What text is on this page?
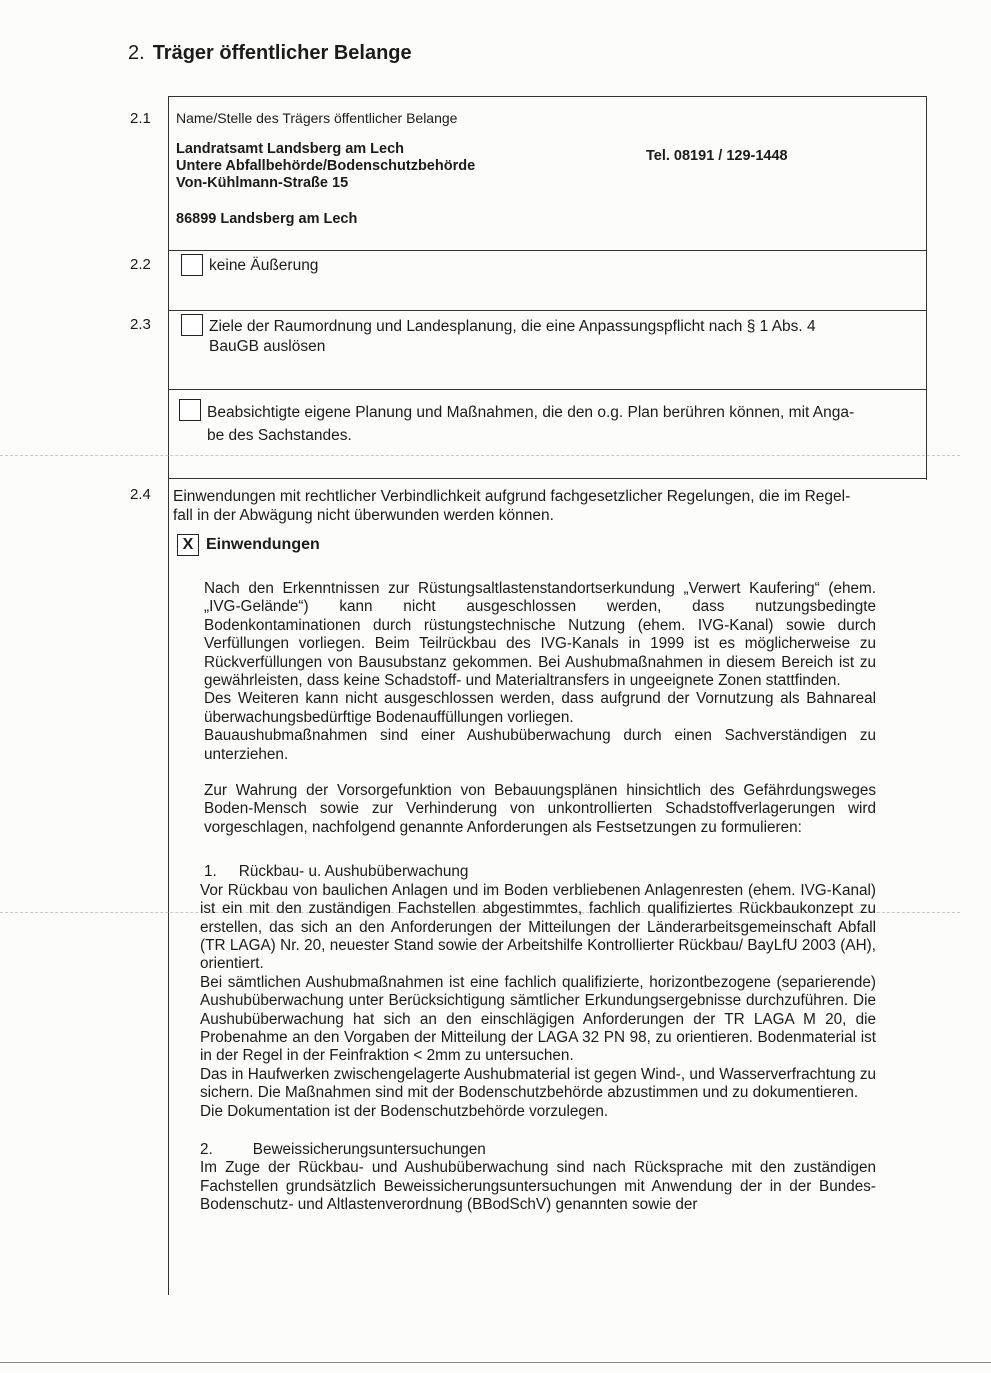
2. Träger öffentlicher Belange
2.1
2.2
2.3
2.4
Name/Stelle des Trägers öffentlicher Belange
Landratsamt Landsberg am Lech
Untere Abfallbehörde/Bodenschutzbehörde
Von-Kühlmann-Straße 15
86899 Landsberg am Lech
Tel. 08191 / 129-1448
keine Äußerung
Ziele der Raumordnung und Landesplanung, die eine Anpassungspflicht nach § 1 Abs. 4
BauGB auslösen
Beabsichtigte eigene Planung und Maßnahmen, die den o.g. Plan berühren können, mit Anga-
be des Sachstandes.
Einwendungen mit rechtlicher Verbindlichkeit aufgrund fachgesetzlicher Regelungen, die im Regel-
fall in der Abwägung nicht überwunden werden können.
X Einwendungen

Nach den Erkenntnissen zur Rüstungsaltlastenstandortserkundung „Verwert Kaufering“ (ehem. „IVG-Gelände“) kann nicht ausgeschlossen werden, dass nutzungsbedingte Bodenkontaminationen durch rüstungstechnische Nutzung (ehem. IVG-Kanal) sowie durch Verfüllungen vorliegen. Beim Teilrückbau des IVG-Kanals in 1999 ist es möglicherweise zu Rückverfüllungen von Bausubstanz gekommen. Bei Aushubmaßnahmen in diesem Bereich ist zu gewährleisten, dass keine Schadstoff- und Materialtransfers in ungeeignete Zonen stattfinden.

Des Weiteren kann nicht ausgeschlossen werden, dass aufgrund der Vornutzung als Bahnareal überwachungsbedürftige Bodenauffüllungen vorliegen.

Bauaushubmaßnahmen sind einer Aushubüberwachung durch einen Sachverständigen zu unterziehen.

Zur Wahrung der Vorsorgefunktion von Bebauungsplänen hinsichtlich des Gefährdungsweges Boden-Mensch sowie zur Verhinderung von unkontrollierten Schadstoffverlagerungen wird vorgeschlagen, nachfolgend genannte Anforderungen als Festsetzungen zu formulieren:

1. Rückbau- u. Aushubüberwachung

Vor Rückbau von baulichen Anlagen und im Boden verbliebenen Anlagenresten (ehem. IVG-Kanal) ist ein mit den zuständigen Fachstellen abgestimmtes, fachlich qualifiziertes Rückbaukonzept zu erstellen, das sich an den Anforderungen der Mitteilungen der Länderarbeitsgemeinschaft Abfall (TR LAGA) Nr. 20, neuester Stand sowie der Arbeitshilfe Kontrollierter Rückbau/ BayLfU 2003 (AH), orientiert.

Bei sämtlichen Aushubmaßnahmen ist eine fachlich qualifizierte, horizontbezogene (separierende) Aushubüberwachung unter Berücksichtigung sämtlicher Erkundungsergebnisse durchzuführen. Die Aushubüberwachung hat sich an den einschlägigen Anforderungen der TR LAGA M 20, die Probenahme an den Vorgaben der Mitteilung der LAGA 32 PN 98, zu orientieren. Bodenmaterial ist in der Regel in der Feinfraktion < 2mm zu untersuchen.

Das in Haufwerken zwischengelagerte Aushubmaterial ist gegen Wind-, und Wasserverfrachtung zu sichern. Die Maßnahmen sind mit der Bodenschutzbehörde abzustimmen und zu dokumentieren.

Die Dokumentation ist der Bodenschutzbehörde vorzulegen.

2.	Beweissicherungsuntersuchungen

Im Zuge der Rückbau- und Aushubüberwachung sind nach Rücksprache mit den zuständigen Fachstellen grundsätzlich Beweissicherungsuntersuchungen mit Anwendung der in der Bundes-Bodenschutz- und Altlastenverordnung (BBodSchV) genannten sowie der
